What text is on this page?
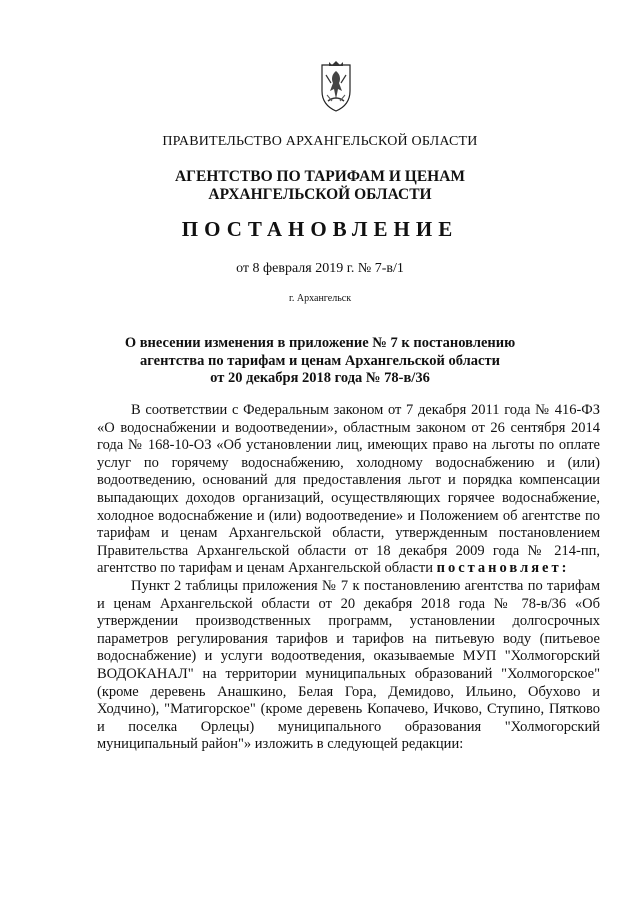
ПРАВИТЕЛЬСТВО АРХАНГЕЛЬСКОЙ ОБЛАСТИ
АГЕНТСТВО ПО ТАРИФАМ И ЦЕНАМ
АРХАНГЕЛЬСКОЙ ОБЛАСТИ
ПОСТАНОВЛЕНИЕ
от 8 февраля 2019 г. № 7-в/1
г. Архангельск
О внесении изменения в приложение № 7 к постановлению
агентства по тарифам и ценам Архангельской области
от 20 декабря 2018 года № 78-в/36

В соответствии с Федеральным законом от 7 декабря 2011 года № 416-ФЗ «О водоснабжении и водоотведении», областным законом от 26 сентября 2014 года № 168-10-ОЗ «Об установлении лиц, имеющих право на льготы по оплате услуг по горячему водоснабжению, холодному водоснабжению и (или) водоотведению, оснований для предоставления льгот и порядка компенсации выпадающих доходов организаций, осуществляющих горячее водоснабжение, холодное водоснабжение и (или) водоотведение» и Положением об агентстве по тарифам и ценам Архангельской области, утвержденным постановлением Правительства Архангельской области от 18 декабря 2009 года № 214-пп, агентство по тарифам и ценам Архангельской области постановляет:

Пункт 2 таблицы приложения № 7 к постановлению агентства по тарифам и ценам Архангельской области от 20 декабря 2018 года № 78-в/36 «Об утверждении производственных программ, установлении долгосрочных параметров регулирования тарифов и тарифов на питьевую воду (питьевое водоснабжение) и услуги водоотведения, оказываемые МУП "Холмогорский ВОДОКАНАЛ" на территории муниципальных образований "Холмогорское" (кроме деревень Анашкино, Белая Гора, Демидово, Ильино, Обухово и Ходчино), "Матигорское" (кроме деревень Копачево, Ичково, Ступино, Пятково и поселка Орлецы) муниципального образования "Холмогорский муниципальный район"» изложить в следующей редакции:
